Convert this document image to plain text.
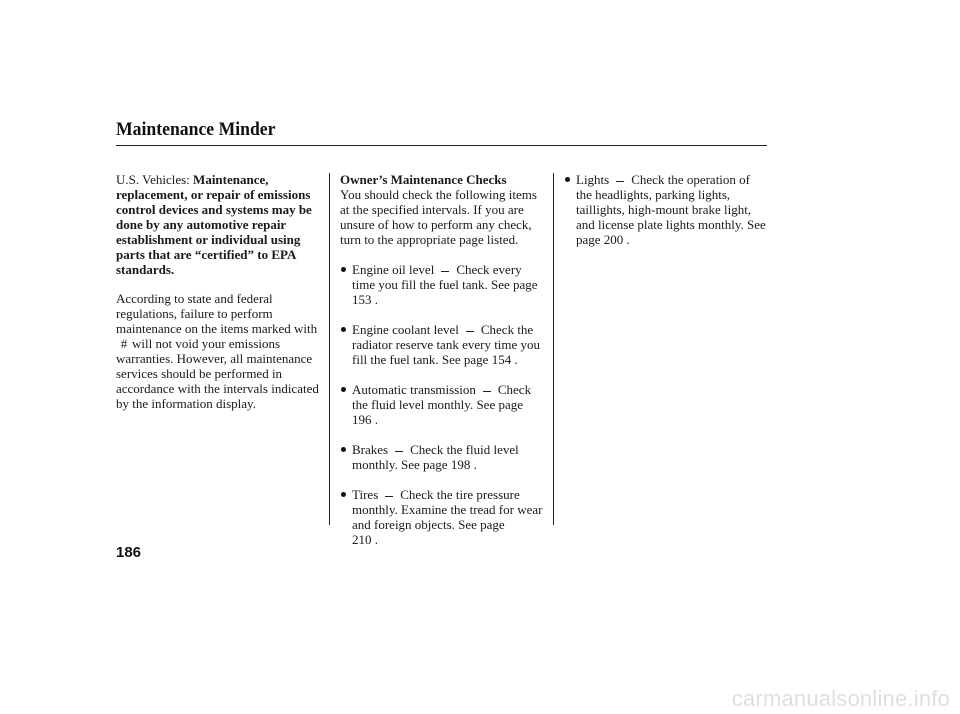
Maintenance Minder

U.S. Vehicles: Maintenance, replacement, or repair of emissions control devices and systems may be done by any automotive repair establishment or individual using parts that are “certified” to EPA standards.

According to state and federal regulations, failure to perform maintenance on the items marked with# will not void your emissions warranties. However, all maintenance services should be performed in accordance with the intervals indicated by the information display.

Owner’s Maintenance Checks

You should check the following items at the specified intervals. If you are unsure of how to perform any check, turn to the appropriate page listed.

Engine oil level Check every time you fill the fuel tank. See page 153 .

Engine coolant level Check the radiator reserve tank every time you fill the fuel tank. See page 154 .

Automatic transmission Check the fluid level monthly. See page
196 .

Brakes Check the fluid level monthly. See page 198 .

Tires Check the tire pressure monthly. Examine the tread for wear and foreign objects. See page
210 .

Lights Check the operation of the headlights, parking lights, taillights, high-mount brake light, and license plate lights monthly. See page 200 .

186
carmanualsonline.info
